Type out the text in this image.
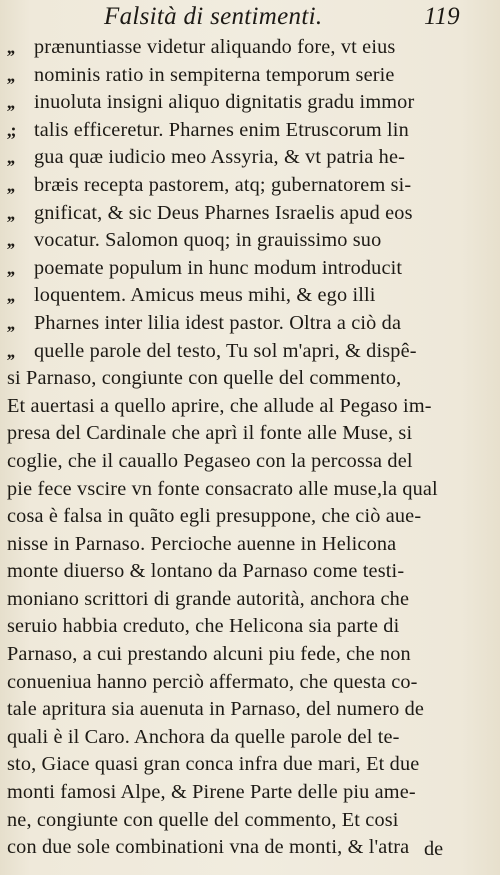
Falsità di sentimenti.	119
,, prænuntiasse videtur aliquando fore, vt eius
,, nominis ratio in sempiterna temporum serie
,, inuoluta insigni aliquo dignitatis gradu immor
,; talis efficeretur. Pharnes enim Etruscorum lin
,, gua quæ iudicio meo Assyria, & vt patria he-
,, bræis recepta pastorem, atq; gubernatorem si-
,, gnificat, & sic Deus Pharnes Israelis apud eos
,, vocatur. Salomon quoq; in grauissimo suo
,, poemate populum in hunc modum introducit
,, loquentem. Amicus meus mihi, & ego illi
,, Pharnes inter lilia idest pastor. Oltra a ciò da
,, quelle parole del testo, Tu sol m'apri, & dispê-
si Parnaso, congiunte con quelle del commento,
Et auertasi a quello aprire, che allude al Pegaso im-
presa del Cardinale che aprì il fonte alle Muse, si
coglie, che il cauallo Pegaseo con la percossa del
pie fece vscire vn fonte consacrato alle muse,la qual
cosa è falsa in quãto egli presuppone, che ciò aue-
nisse in Parnaso. Percioche auenne in Helicona
monte diuerso & lontano da Parnaso come testi-
moniano scrittori di grande autorità, anchora che
seruio habbia creduto, che Helicona sia parte di
Parnaso, a cui prestando alcuni piu fede, che non
conueniua hanno perciò affermato, che questa co-
tale apritura sia auenuta in Parnaso, del numero de
quali è il Caro. Anchora da quelle parole del te-
sto, Giace quasi gran conca infra due mari, Et due
monti famosi Alpe, & Pirene Parte delle piu ame-
ne, congiunte con quelle del commento, Et cosi
con due sole combinationi vna de monti, & l'atra de
